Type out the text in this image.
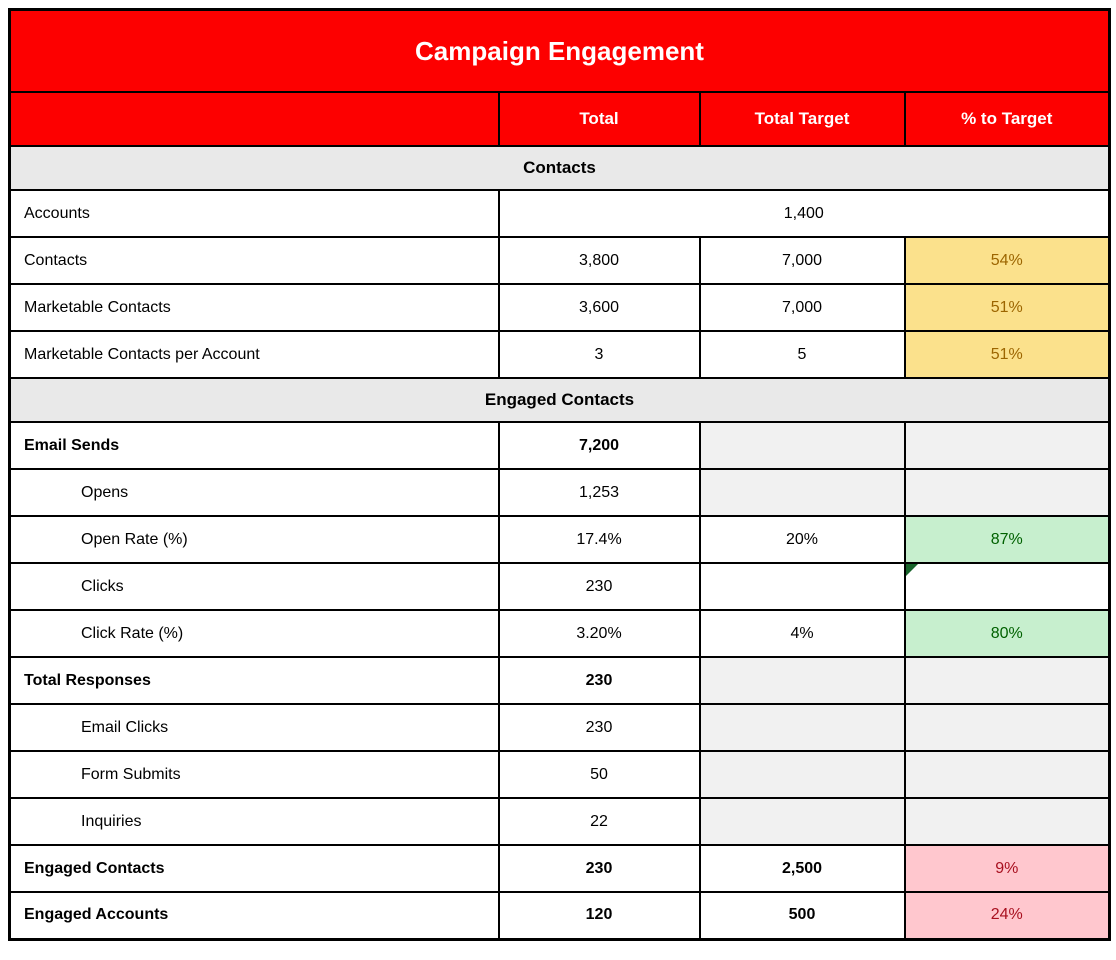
Campaign Engagement			
	Total	Total Target	% to Target
Contacts			
Accounts	1,400		
Contacts	3,800	7,000	54%
Marketable Contacts	3,600	7,000	51%
Marketable Contacts per Account	3	5	51%
Engaged Contacts			
Email Sends	7,200		
Opens	1,253		
Open Rate (%)	17.4%	20%	87%
Clicks	230		

Click Rate (%)	3.20%	4%	80%
Total Responses	230		
Email Clicks	230		
Form Submits	50		
Inquiries	22		
Engaged Contacts	230	2,500	9%
Engaged Accounts	120	500	24%
